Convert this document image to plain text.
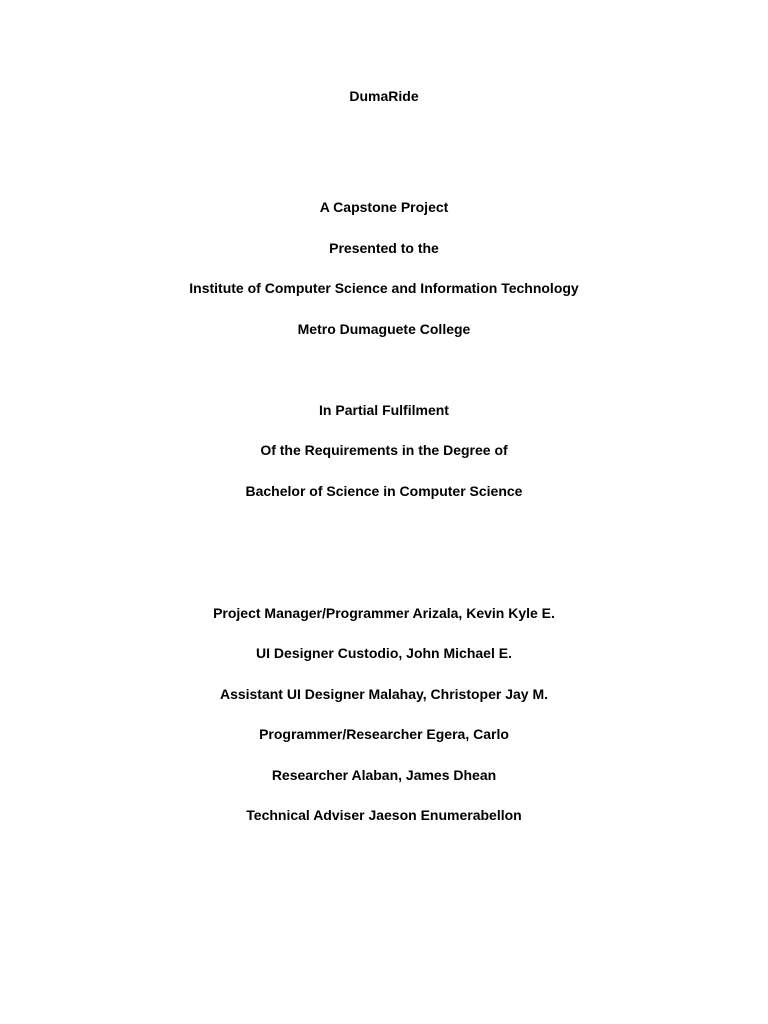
DumaRide
A Capstone Project
Presented to the
Institute of Computer Science and Information Technology
Metro Dumaguete College
In Partial Fulfilment
Of the Requirements in the Degree of
Bachelor of Science in Computer Science
Project Manager/Programmer Arizala, Kevin Kyle E.
UI Designer Custodio, John Michael E.
Assistant UI Designer Malahay, Christoper Jay M.
Programmer/Researcher Egera, Carlo
Researcher Alaban, James Dhean
Technical Adviser Jaeson Enumerabellon
